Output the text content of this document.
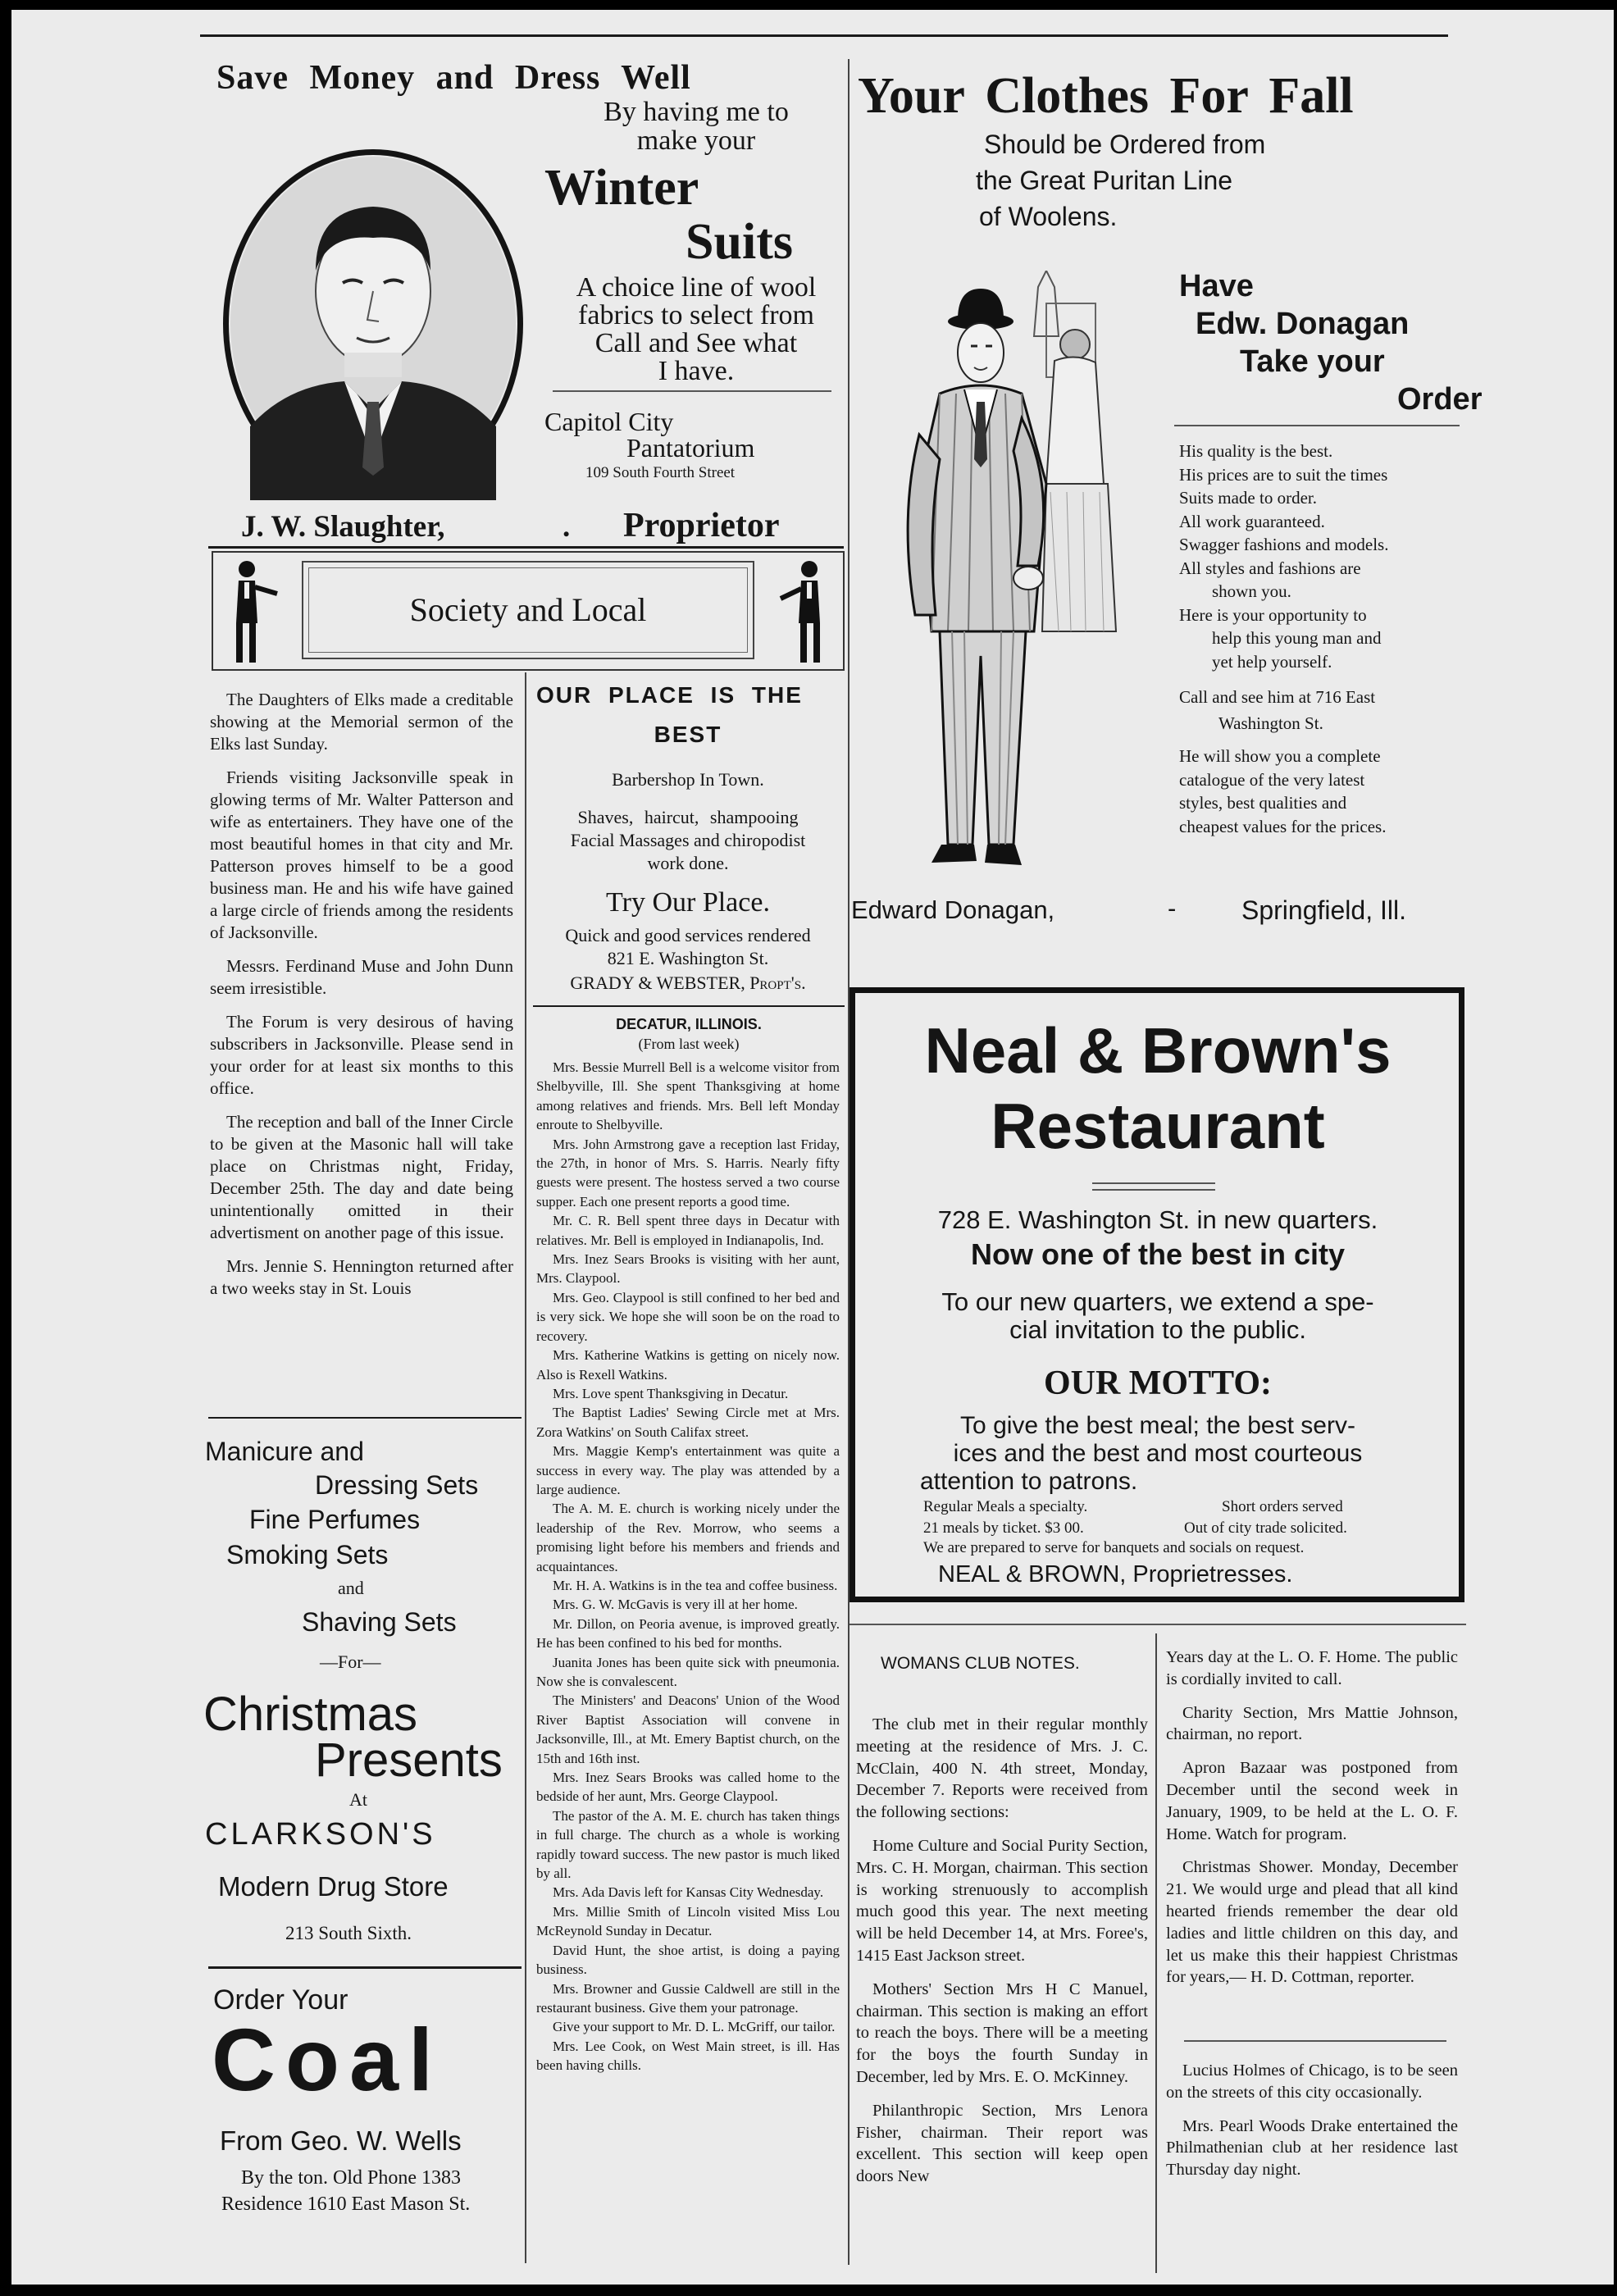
Save Money and Dress Well
By having me to
make your
Winter
Suits
A choice line of wool
fabrics to select from
Call and See what
I have.
Capitol City
Pantatorium
109 South Fourth Street
J. W. Slaughter,	. Proprietor
Society and Local

The Daughters of Elks made a creditable showing at the Memorial sermon of the Elks last Sunday.

Friends visiting Jacksonville speak in glowing terms of Mr. Walter Patterson and wife as entertainers. They have one of the most beautiful homes in that city and Mr. Patterson proves himself to be a good business man. He and his wife have gained a large circle of friends among the residents of Jacksonville.

Messrs. Ferdinand Muse and John Dunn seem irresistible.

The Forum is very desirous of having subscribers in Jacksonville. Please send in your order for at least six months to this office.

The reception and ball of the Inner Circle to be given at the Masonic hall will take place on Christmas night, Friday, December 25th. The day and date being unintentionally omitted in their advertisment on another page of this issue.

Mrs. Jennie S. Hennington returned after a two weeks stay in St. Louis

Manicure and
Dressing Sets
Fine Perfumes
Smoking Sets
and
Shaving Sets
—For—
Christmas
Presents
At
CLARKSON'S
Modern Drug Store
213 South Sixth.
Order Your
Coal
From Geo. W. Wells
By the ton. Old Phone 1383
Residence 1610 East Mason St.
OUR PLACE IS THE
BEST
Barbershop In Town.
Shaves, haircut, shampooing
Facial Massages and chiropodist
work done.
Try Our Place.
Quick and good services rendered
821 E. Washington St.
GRADY & WEBSTER, Propt's.
DECATUR, ILLINOIS.
(From last week)

Mrs. Bessie Murrell Bell is a welcome visitor from Shelbyville, Ill. She spent Thanksgiving at home among relatives and friends. Mrs. Bell left Monday enroute to Shelbyville.

Mrs. John Armstrong gave a reception last Friday, the 27th, in honor of Mrs. S. Harris. Nearly fifty guests were present. The hostess served a two course supper. Each one present reports a good time.

Mr. C. R. Bell spent three days in Decatur with relatives. Mr. Bell is employed in Indianapolis, Ind.

Mrs. Inez Sears Brooks is visiting with her aunt, Mrs. Claypool.

Mrs. Geo. Claypool is still confined to her bed and is very sick. We hope she will soon be on the road to recovery.

Mrs. Katherine Watkins is getting on nicely now. Also is Rexell Watkins.

Mrs. Love spent Thanksgiving in Decatur.

The Baptist Ladies' Sewing Circle met at Mrs. Zora Watkins' on South Califax street.

Mrs. Maggie Kemp's entertainment was quite a success in every way. The play was attended by a large audience.

The A. M. E. church is working nicely under the leadership of the Rev. Morrow, who seems a promising light before his members and friends and acquaintances.

Mr. H. A. Watkins is in the tea and coffee business.

Mrs. G. W. McGavis is very ill at her home.

Mr. Dillon, on Peoria avenue, is improved greatly. He has been confined to his bed for months.

Juanita Jones has been quite sick with pneumonia. Now she is convalescent.

The Ministers' and Deacons' Union of the Wood River Baptist Association will convene in Jacksonville, Ill., at Mt. Emery Baptist church, on the 15th and 16th inst.

Mrs. Inez Sears Brooks was called home to the bedside of her aunt, Mrs. George Claypool.

The pastor of the A. M. E. church has taken things in full charge. The church as a whole is working rapidly toward success. The new pastor is much liked by all.

Mrs. Ada Davis left for Kansas City Wednesday.

Mrs. Millie Smith of Lincoln visited Miss Lou McReynold Sunday in Decatur.

David Hunt, the shoe artist, is doing a paying business.

Mrs. Browner and Gussie Caldwell are still in the restaurant business. Give them your patronage.

Give your support to Mr. D. L. McGriff, our tailor.

Mrs. Lee Cook, on West Main street, is ill. Has been having chills.

Your Clothes For Fall
Should be Ordered from
the Great Puritan Line
of Woolens.
Have
Edw. Donagan
Take your
Order
His quality is the best.
His prices are to suit the times
Suits made to order.
All work guaranteed.
Swagger fashions and models.
All styles and fashions are
shown you.
Here is your opportunity to
help this young man and
yet help yourself.
Call and see him at 716 East
Washington St.
He will show you a complete
catalogue of the very latest
styles, best qualities and
cheapest values for the prices.
Edward Donagan,	- Springfield, Ill.
Neal & Brown's
Restaurant
728 E. Washington St. in new quarters.
Now one of the best in city
To our new quarters, we extend a spe-
cial invitation to the public.
OUR MOTTO:
To give the best meal; the best serv-
ices and the best and most courteous
attention to patrons.
Regular Meals a specialty.	Short orders served
21 meals by ticket. $3 00.	Out of city trade solicited.
We are prepared to serve for banquets and socials on request.
NEAL & BROWN, Proprietresses.
WOMANS CLUB NOTES.

The club met in their regular monthly meeting at the residence of Mrs. J. C. McClain, 400 N. 4th street, Monday, December 7. Reports were received from the following sections:

Home Culture and Social Purity Section, Mrs. C. H. Morgan, chairman. This section is working strenuously to accomplish much good this year. The next meeting will be held December 14, at Mrs. Foree's, 1415 East Jackson street.

Mothers' Section Mrs H C Manuel, chairman. This section is making an effort to reach the boys. There will be a meeting for the boys the fourth Sunday in December, led by Mrs. E. O. McKinney.

Philanthropic Section, Mrs Lenora Fisher, chairman. Their report was excellent. This section will keep open doors New

Years day at the L. O. F. Home. The public is cordially invited to call.

Charity Section, Mrs Mattie Johnson, chairman, no report.

Apron Bazaar was postponed from December until the second week in January, 1909, to be held at the L. O. F. Home. Watch for program.

Christmas Shower. Monday, December 21. We would urge and plead that all kind hearted friends remember the dear old ladies and little children on this day, and let us make this their happiest Christmas for years,— H. D. Cottman, reporter.

Lucius Holmes of Chicago, is to be seen on the streets of this city occasionally.

Mrs. Pearl Woods Drake entertained the Philmathenian club at her residence last Thursday day night.
